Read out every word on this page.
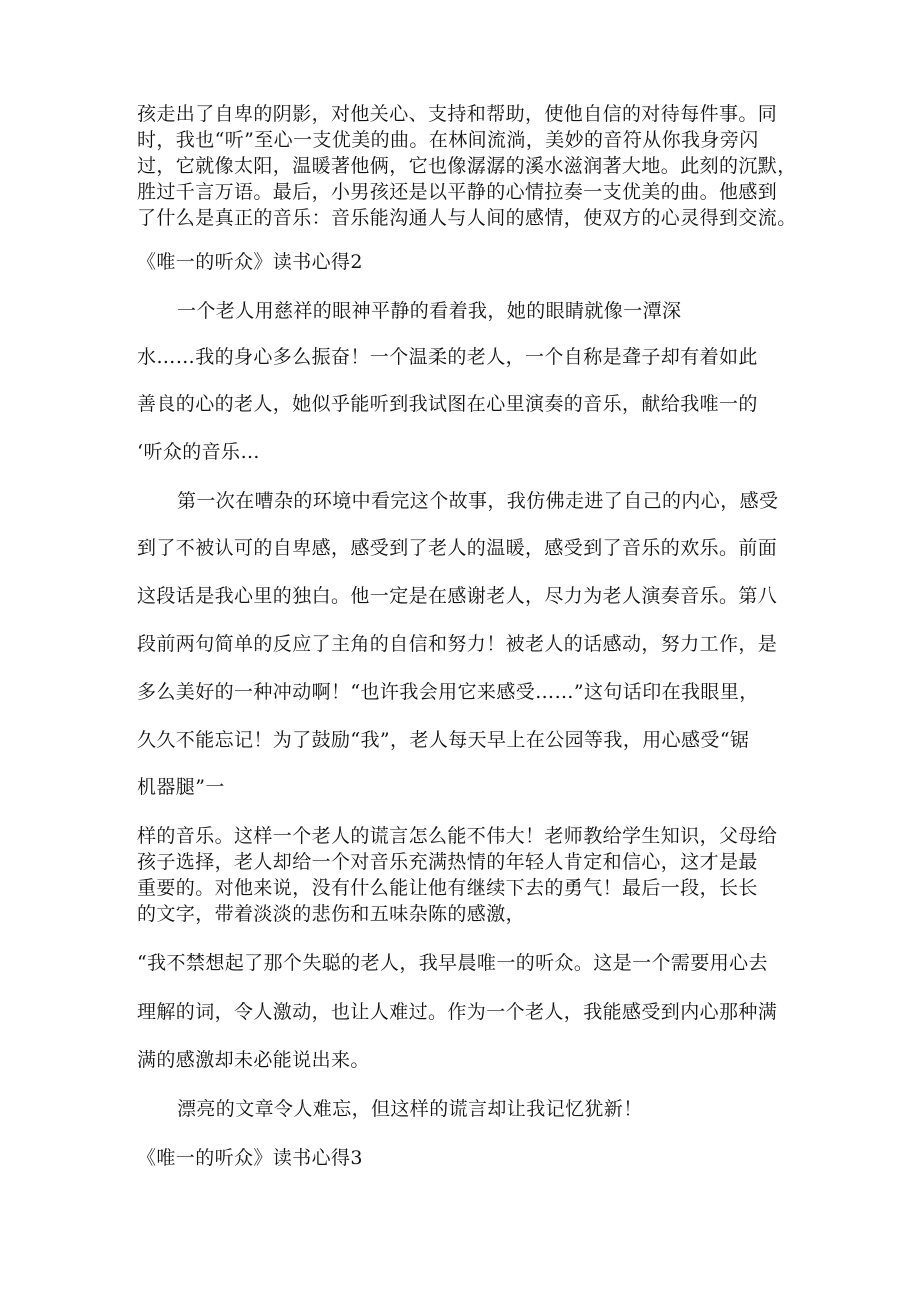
孩走出了自卑的阴影，对他关心、支持和帮助，使他自信的对待每件事。同
时，我也“听”至心一支优美的曲。在林间流淌，美妙的音符从你我身旁闪
过，它就像太阳，温暖著他俩，它也像潺潺的溪水滋润著大地。此刻的沉默，
胜过千言万语。最后，小男孩还是以平静的心情拉奏一支优美的曲。他感到
了什么是真正的音乐：音乐能沟通人与人间的感情，使双方的心灵得到交流。
《唯一的听众》读书心得2
一个老人用慈祥的眼神平静的看着我，她的眼睛就像一潭深
水……我的身心多么振奋！一个温柔的老人，一个自称是聋子却有着如此
善良的心的老人，她似乎能听到我试图在心里演奏的音乐，献给我唯一的
‘听众的音乐…
第一次在嘈杂的环境中看完这个故事，我仿佛走进了自己的内心，感受
到了不被认可的自卑感，感受到了老人的温暖，感受到了音乐的欢乐。前面
这段话是我心里的独白。他一定是在感谢老人，尽力为老人演奏音乐。第八
段前两句简单的反应了主角的自信和努力！被老人的话感动，努力工作，是
多么美好的一种冲动啊！“也许我会用它来感受……”这句话印在我眼里，
久久不能忘记！为了鼓励“我”，老人每天早上在公园等我，用心感受“锯
机器腿”一
样的音乐。这样一个老人的谎言怎么能不伟大！老师教给学生知识，父母给
孩子选择，老人却给一个对音乐充满热情的年轻人肯定和信心，这才是最
重要的。对他来说，没有什么能让他有继续下去的勇气！最后一段，长长
的文字，带着淡淡的悲伤和五味杂陈的感激，
“我不禁想起了那个失聪的老人，我早晨唯一的听众。这是一个需要用心去
理解的词，令人激动，也让人难过。作为一个老人，我能感受到内心那种满
满的感激却未必能说出来。
漂亮的文章令人难忘，但这样的谎言却让我记忆犹新！
《唯一的听众》读书心得3
